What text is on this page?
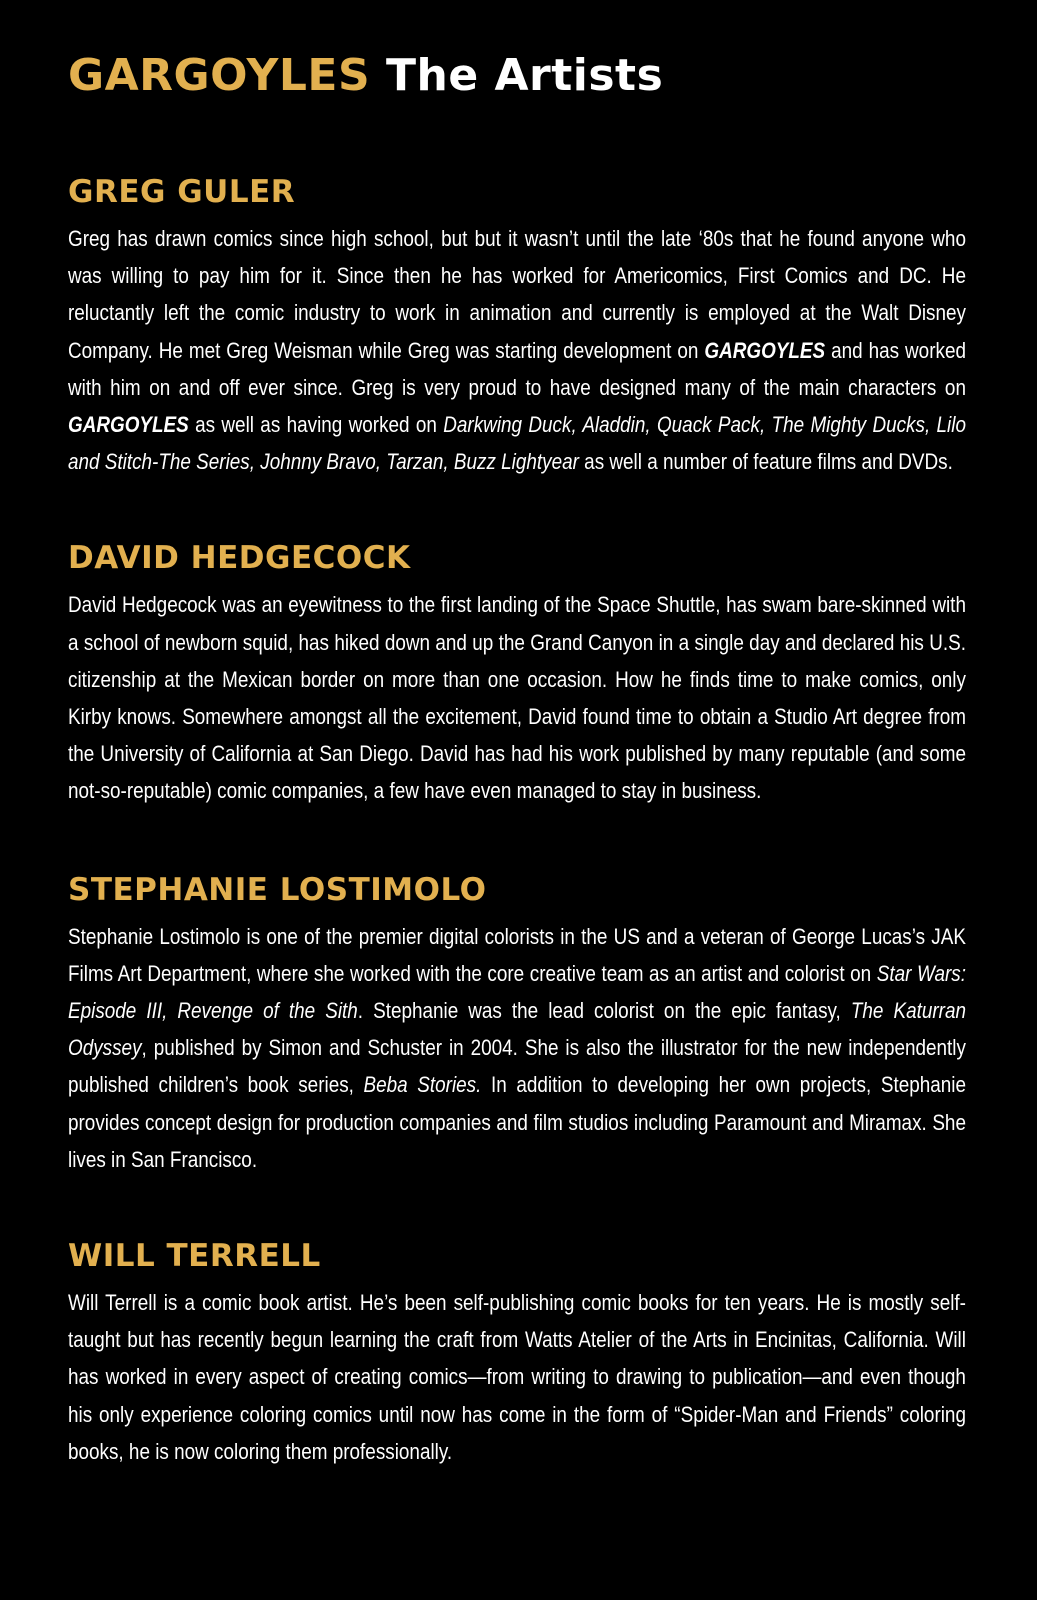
GARGOYLES The Artists
GREG GULER

Greg has drawn comics since high school, but but it wasn’t until the late ‘80s that he found anyone who was willing to pay him for it. Since then he has worked for Americomics, First Comics and DC. He reluctantly left the comic industry to work in animation and currently is employed at the Walt Disney Company. He met Greg Weisman while Greg was starting development on GARGOYLES and has worked with him on and off ever since. Greg is very proud to have designed many of the main characters on GARGOYLES as well as having worked on Darkwing Duck, Aladdin, Quack Pack, The Mighty Ducks, Lilo and Stitch-The Series, Johnny Bravo, Tarzan, Buzz Lightyear as well a number of feature films and DVDs.

DAVID HEDGECOCK

David Hedgecock was an eyewitness to the first landing of the Space Shuttle, has swam bare-skinned with a school of newborn squid, has hiked down and up the Grand Canyon in a single day and declared his U.S. citizenship at the Mexican border on more than one occasion. How he finds time to make comics, only Kirby knows. Somewhere amongst all the excitement, David found time to obtain a Studio Art degree from the University of California at San Diego. David has had his work published by many reputable (and some not-so-reputable) comic companies, a few have even managed to stay in business.

STEPHANIE LOSTIMOLO

Stephanie Lostimolo is one of the premier digital colorists in the US and a veteran of George Lucas’s JAK Films Art Department, where she worked with the core creative team as an artist and colorist on Star Wars: Episode III, Revenge of the Sith. Stephanie was the lead colorist on the epic fantasy, The Katurran Odyssey, published by Simon and Schuster in 2004. She is also the illustrator for the new independently published children’s book series, Beba Stories. In addition to developing her own projects, Stephanie provides concept design for production companies and film studios including Paramount and Miramax. She lives in San Francisco.

WILL TERRELL

Will Terrell is a comic book artist. He’s been self-publishing comic books for ten years. He is mostly self-taught but has recently begun learning the craft from Watts Atelier of the Arts in Encinitas, California. Will has worked in every aspect of creating comics—from writing to drawing to publication—and even though his only experience coloring comics until now has come in the form of “Spider-Man and Friends” coloring books, he is now coloring them professionally.
